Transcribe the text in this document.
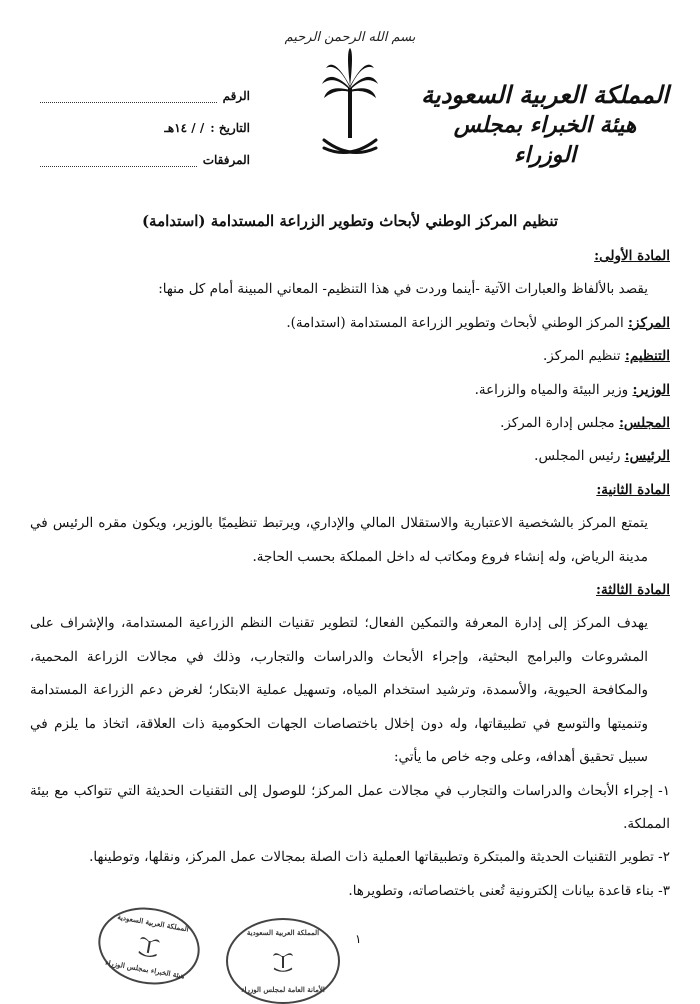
بسم الله الرحمن الرحيم
المملكة العربية السعودية
هيئة الخبراء بمجلس الوزراء
الرقم
التاريخ :
/ / ١٤هـ
المرفقات
تنظيم المركز الوطني لأبحاث وتطوير الزراعة المستدامة (استدامة)

المادة الأولى:

يقصد بالألفاظ والعبارات الآتية -أينما وردت في هذا التنظيم- المعاني المبينة أمام كل منها:

المركز: المركز الوطني لأبحاث وتطوير الزراعة المستدامة (استدامة).

التنظيم: تنظيم المركز.

الوزير: وزير البيئة والمياه والزراعة.

المجلس: مجلس إدارة المركز.

الرئيس: رئيس المجلس.

المادة الثانية:

يتمتع المركز بالشخصية الاعتبارية والاستقلال المالي والإداري، ويرتبط تنظيميًا بالوزير، ويكون مقره الرئيس في مدينة الرياض، وله إنشاء فروع ومكاتب له داخل المملكة بحسب الحاجة.

المادة الثالثة:

يهدف المركز إلى إدارة المعرفة والتمكين الفعال؛ لتطوير تقنيات النظم الزراعية المستدامة، والإشراف على المشروعات والبرامج البحثية، وإجراء الأبحاث والدراسات والتجارب، وذلك في مجالات الزراعة المحمية، والمكافحة الحيوية، والأسمدة، وترشيد استخدام المياه، وتسهيل عملية الابتكار؛ لغرض دعم الزراعة المستدامة وتنميتها والتوسع في تطبيقاتها، وله دون إخلال باختصاصات الجهات الحكومية ذات العلاقة، اتخاذ ما يلزم في سبيل تحقيق أهدافه، وعلى وجه خاص ما يأتي:

١- إجراء الأبحاث والدراسات والتجارب في مجالات عمل المركز؛ للوصول إلى التقنيات الحديثة التي تتواكب مع بيئة المملكة.

٢- تطوير التقنيات الحديثة والمبتكرة وتطبيقاتها العملية ذات الصلة بمجالات عمل المركز، ونقلها، وتوطينها.

٣- بناء قاعدة بيانات إلكترونية تُعنى باختصاصاته، وتطويرها.

المملكة العربية السعودية
هيئة الخبراء بمجلس الوزراء
المملكة العربية السعودية
الأمانة العامة لمجلس الوزراء
١
